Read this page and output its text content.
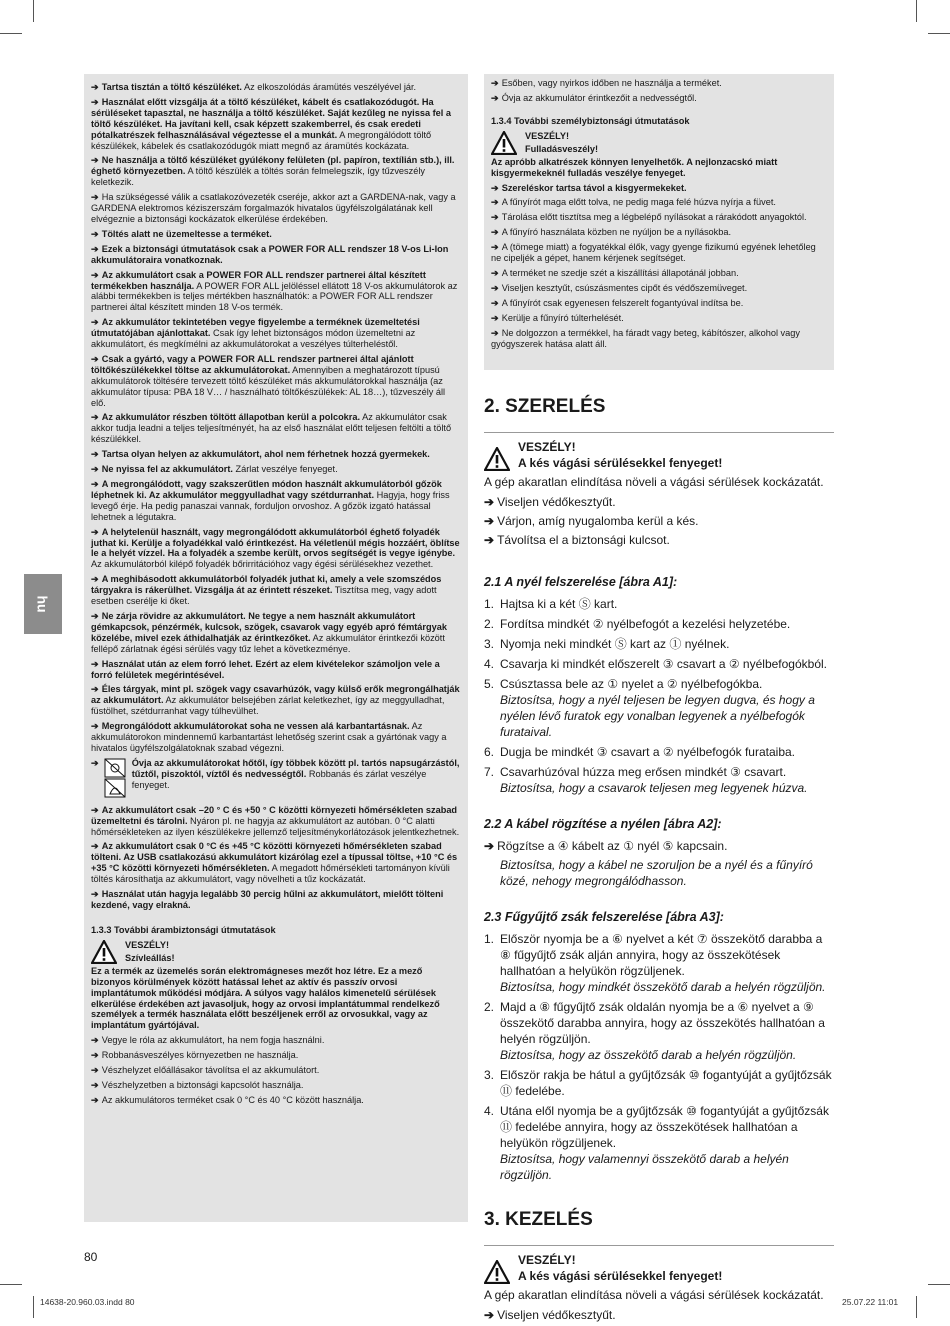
hu

➔ Tartsa tisztán a töltő készüléket. Az elkoszolódás áramütés veszélyével jár.

➔ Használat előtt vizsgálja át a töltő készüléket, kábelt és csatlakozódugót. Ha sérüléseket tapasztal, ne használja a töltő készüléket. Saját kezűleg ne nyissa fel a töltő készüléket. Ha javítani kell, csak képzett szakemberrel, és csak eredeti pótalkatrészek felhasználásával végeztesse el a munkát. A megrongálódott töltő készülékek, kábelek és csatlakozódugók miatt megnő az áramütés kockázata.

➔ Ne használja a töltő készüléket gyúlékony felületen (pl. papíron, textílián stb.), ill. éghető környezetben. A töltő készülék a töltés során felmelegszik, így tűzveszély keletkezik.

➔ Ha szükségessé válik a csatlakozóvezeték cseréje, akkor azt a GARDENA-nak, vagy a GARDENA elektromos kéziszerszám forgalmazók hivatalos ügyfélszolgálatának kell elvégeznie a biztonsági kockázatok elkerülése érdekében.

➔ Töltés alatt ne üzemeltesse a terméket.

➔ Ezek a biztonsági útmutatások csak a POWER FOR ALL rendszer 18 V-os Li-Ion akkumulátoraira vonatkoznak.

➔ Az akkumulátort csak a POWER FOR ALL rendszer partnerei által készített termékekben használja. A POWER FOR ALL jelöléssel ellátott 18 V-os akkumulátorok az alábbi termékekben is teljes mértékben használhatók: a POWER FOR ALL rendszer partnerei által készített minden 18 V-os termék.

➔ Az akkumulátor tekintetében vegye figyelembe a terméknek üzemeltetési útmutatójában ajánlottakat. Csak így lehet biztonságos módon üzemeltetni az akkumulátort, és megkímélni az akkumulátorokat a veszélyes túlterheléstől.

➔ Csak a gyártó, vagy a POWER FOR ALL rendszer partnerei által ajánlott töltőkészülékekkel töltse az akkumulátorokat. Amennyiben a meghatározott típusú akkumulátorok töltésére tervezett töltő készüléket más akkumulátorokkal használja (az akkumulátor típusa: PBA 18 V… / használható töltőkészülékek: AL 18…), tűzveszély áll elő.

➔ Az akkumulátor részben töltött állapotban kerül a polcokra. Az akkumulátor csak akkor tudja leadni a teljes teljesítményét, ha az első használat előtt teljesen feltölti a töltő készülékkel.

➔ Tartsa olyan helyen az akkumulátort, ahol nem férhetnek hozzá gyermekek.

➔ Ne nyissa fel az akkumulátort. Zárlat veszélye fenyeget.

➔ A megrongálódott, vagy szakszerűtlen módon használt akkumulátorból gőzök léphetnek ki. Az akkumulátor meggyulladhat vagy szétdurranhat. Hagyja, hogy friss levegő érje. Ha pedig panaszai vannak, forduljon orvoshoz. A gőzök izgató hatással lehetnek a légutakra.

➔ A helytelenül használt, vagy megrongálódott akkumulátorból éghető folyadék juthat ki. Kerülje a folyadékkal való érintkezést. Ha véletlenül mégis hozzáért, öblítse le a helyét vízzel. Ha a folyadék a szembe került, orvos segítségét is vegye igénybe. Az akkumulátorból kilépő folyadék bőrirritációhoz vagy égési sérülésekhez vezethet.

➔ A meghibásodott akkumulátorból folyadék juthat ki, amely a vele szomszédos tárgyakra is rákerülhet. Vizsgálja át az érintett részeket. Tisztítsa meg, vagy adott esetben cserélje ki őket.

➔ Ne zárja rövidre az akkumulátort. Ne tegye a nem használt akkumulátort gémkapcsok, pénzérmék, kulcsok, szögek, csavarok vagy egyéb apró fémtárgyak közelébe, mivel ezek áthidalhatják az érintkezőket. Az akkumulátor érintkezői között fellépő zárlatnak égési sérülés vagy tűz lehet a következménye.

➔ Használat után az elem forró lehet. Ezért az elem kivételekor számoljon vele a forró felületek megérintésével.

➔ Éles tárgyak, mint pl. szögek vagy csavarhúzók, vagy külső erők megrongálhatják az akkumulátort. Az akkumulátor belsejében zárlat keletkezhet, így az meggyulladhat, füstölhet, szétdurranhat vagy túlhevülhet.

➔ Megrongálódott akkumulátorokat soha ne vessen alá karbantartásnak. Az akkumulátorokon mindennemű karbantartást lehetőség szerint csak a gyártónak vagy a hivatalos ügyfélszolgálatoknak szabad végezni.

➔	Óvja az akkumulátorokat hőtől, így többek között pl. tartós napsugárzástól, tűztől, piszoktól, víztől és nedvességtől. Robbanás és zárlat veszélye fenyeget.

➔ Az akkumulátort csak –20 ° C és +50 ° C közötti környezeti hőmérsékleten szabad üzemeltetni és tárolni. Nyáron pl. ne hagyja az akkumulátort az autóban. 0 °C alatti hőmérsékleteken az ilyen készülékekre jellemző teljesítménykorlátozások jelentkezhetnek.

➔ Az akkumulátort csak 0 °C és +45 °C közötti környezeti hőmérsékleten szabad tölteni. Az USB csatlakozású akkumulátort kizárólag ezel a típussal töltse, +10 °C és +35 °C közötti környezeti hőmérsékleten. A megadott hőmérsékleti tartományon kívüli töltés károsíthatja az akkumulátort, vagy növelheti a tűz kockázatát.

➔ Használat után hagyja legalább 30 percig hűlni az akkumulátort, mielőtt tölteni kezdené, vagy elrakná.

1.3.3 További árambiztonsági útmutatások
VESZÉLY!
Szívleállás!
Ez a termék az üzemelés során elektromágneses mezőt hoz létre. Ez a mező bizonyos körülmények között hatással lehet az aktív és passzív orvosi implantátumok működési módjára. A súlyos vagy halálos kimenetelű sérülések elkerülése érdekében azt javasoljuk, hogy az orvosi implantátummal rendelkező személyek a termék használata előtt beszéljenek erről az orvosukkal, vagy az implantátum gyártójával.

➔ Vegye le róla az akkumulátort, ha nem fogja használni.

➔ Robbanásveszélyes környezetben ne használja.

➔ Vészhelyzet előállásakor távolítsa el az akkumulátort.

➔ Vészhelyzetben a biztonsági kapcsolót használja.

➔ Az akkumulátoros terméket csak 0 °C és 40 °C között használja.

➔ Esőben, vagy nyirkos időben ne használja a terméket.

➔ Óvja az akkumulátor érintkezőit a nedvességtől.

1.3.4 További személybiztonsági útmutatások
VESZÉLY!
Fulladásveszély!
Az apróbb alkatrészek könnyen lenyelhetők. A nejlonzacskó miatt kisgyermekeknél fulladás veszélye fenyeget.

➔ Szereléskor tartsa távol a kisgyermekeket.

➔ A fűnyírót maga előtt tolva, ne pedig maga felé húzva nyírja a füvet.

➔ Tárolása előtt tisztítsa meg a légbelépő nyílásokat a rárakódott anyagoktól.

➔ A fűnyíró használata közben ne nyúljon be a nyílásokba.

➔ A (tömege miatt) a fogyatékkal élők, vagy gyenge fizikumú egyének lehetőleg ne cipeljék a gépet, hanem kérjenek segítséget.

➔ A terméket ne szedje szét a kiszállítási állapotánál jobban.

➔ Viseljen kesztyűt, csúszásmentes cipőt és védőszemüveget.

➔ A fűnyírót csak egyenesen felszerelt fogantyúval indítsa be.

➔ Kerülje a fűnyíró túlterhelését.

➔ Ne dolgozzon a termékkel, ha fáradt vagy beteg, kábítószer, alkohol vagy gyógyszerek hatása alatt áll.

2. SZERELÉS
VESZÉLY!
A kés vágási sérülésekkel fenyeget!
A gép akaratlan elindítása növeli a vágási sérülések kockázatát.

➔ Viseljen védőkesztyűt.

➔ Várjon, amíg nyugalomba kerül a kés.

➔ Távolítsa el a biztonsági kulcsot.

2.1 A nyél felszerelése [ábra A1]:
1. Hajtsa ki a két Ⓢ kart.
2. Fordítsa mindkét ② nyélbefogót a kezelési helyzetébe.
3. Nyomja neki mindkét Ⓢ kart az ① nyélnek.
4. Csavarja ki mindkét előszerelt ③ csavart a ② nyélbefogókból.
5. Csúsztassa bele az ① nyelet a ② nyélbefogókba.
Biztosítsa, hogy a nyél teljesen be legyen dugva, és hogy a nyélen lévő furatok egy vonalban legyenek a nyélbefogók furataival.
6. Dugja be mindkét ③ csavart a ② nyélbefogók furataiba.
7. Csavarhúzóval húzza meg erősen mindkét ③ csavart.
Biztosítsa, hogy a csavarok teljesen meg legyenek húzva.
2.2 A kábel rögzítése a nyélen [ábra A2]:

➔ Rögzítse a ④ kábelt az ① nyél ⑤ kapcsain.

Biztosítsa, hogy a kábel ne szoruljon be a nyél és a fűnyíró közé, nehogy megrongálódhasson.
2.3 Fűgyűjtő zsák felszerelése [ábra A3]:
1. Először nyomja be a ⑥ nyelvet a két ⑦ összekötő darabba a ⑧ fűgyűjtő zsák alján annyira, hogy az összekötések hallhatóan a helyükön rögzüljenek.
Biztosítsa, hogy mindkét összekötő darab a helyén rögzüljön.
2. Majd a ⑧ fűgyűjtő zsák oldalán nyomja be a ⑥ nyelvet a ⑨ összekötő darabba annyira, hogy az összekötés hallhatóan a helyén rögzüljön.
Biztosítsa, hogy az összekötő darab a helyén rögzüljön.
3. Először rakja be hátul a gyűjtőzsák ⑩ fogantyúját a gyűjtőzsák ⑪ fedelébe.
4. Utána elől nyomja be a gyűjtőzsák ⑩ fogantyúját a gyűjtőzsák ⑪ fedelébe annyira, hogy az összekötések hallhatóan a helyükön rögzüljenek.
Biztosítsa, hogy valamennyi összekötő darab a helyén rögzüljön.
3. KEZELÉS
VESZÉLY!
A kés vágási sérülésekkel fenyeget!
A gép akaratlan elindítása növeli a vágási sérülések kockázatát.

➔ Viseljen védőkesztyűt.

80
14638-20.960.03.indd 80	25.07.22 11:01
